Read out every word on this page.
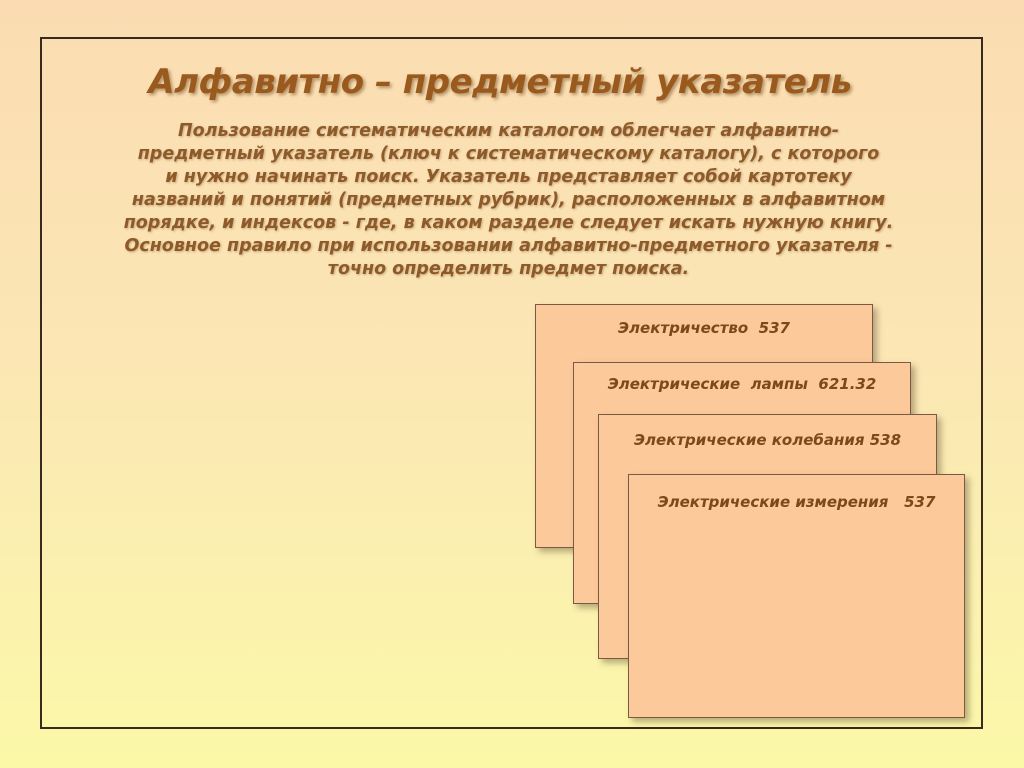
Алфавитно – предметный указатель

Пользование систематическим каталогом облегчает алфавитно-
предметный указатель (ключ к систематическому каталогу), с которого
и нужно начинать поиск. Указатель представляет собой картотеку
названий и понятий (предметных рубрик), расположенных в алфавитном
порядке, и индексов - где, в каком разделе следует искать нужную книгу.
Основное правило при использовании алфавитно-предметного указателя -
точно определить предмет поиска.

Электричество  537
Электрические  лампы  621.32
Электрические колебания 538
Электрические измерения   537
